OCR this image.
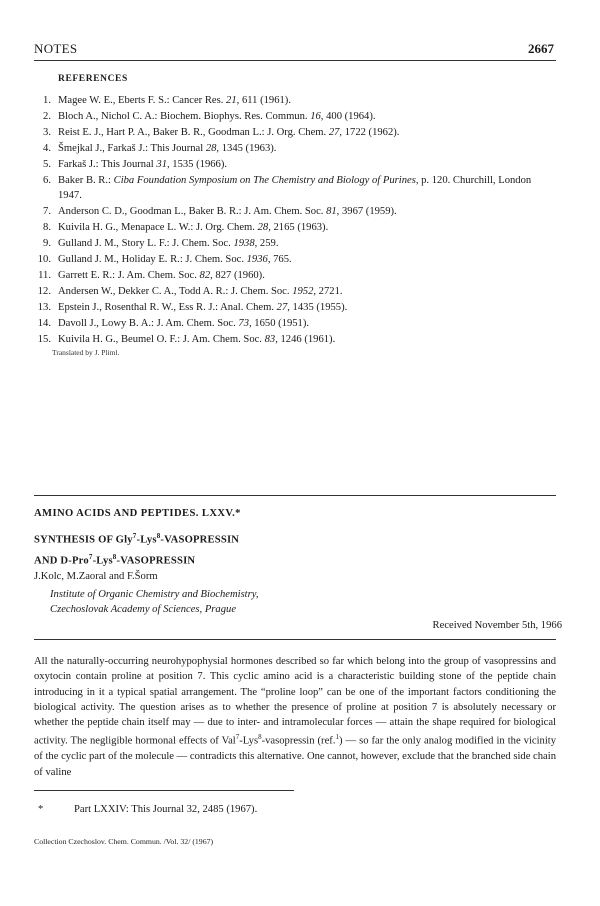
NOTES	2667
REFERENCES
1. Magee W. E., Eberts F. S.: Cancer Res. 21, 611 (1961).
2. Bloch A., Nichol C. A.: Biochem. Biophys. Res. Commun. 16, 400 (1964).
3. Reist E. J., Hart P. A., Baker B. R., Goodman L.: J. Org. Chem. 27, 1722 (1962).
4. Šmejkal J., Farkaš J.: This Journal 28, 1345 (1963).
5. Farkaš J.: This Journal 31, 1535 (1966).
6. Baker B. R.: Ciba Foundation Symposium on The Chemistry and Biology of Purines, p. 120. Churchill, London 1947.
7. Anderson C. D., Goodman L., Baker B. R.: J. Am. Chem. Soc. 81, 3967 (1959).
8. Kuivila H. G., Menapace L. W.: J. Org. Chem. 28, 2165 (1963).
9. Gulland J. M., Story L. F.: J. Chem. Soc. 1938, 259.
10. Gulland J. M., Holiday E. R.: J. Chem. Soc. 1936, 765.
11. Garrett E. R.: J. Am. Chem. Soc. 82, 827 (1960).
12. Andersen W., Dekker C. A., Todd A. R.: J. Chem. Soc. 1952, 2721.
13. Epstein J., Rosenthal R. W., Ess R. J.: Anal. Chem. 27, 1435 (1955).
14. Davoll J., Lowy B. A.: J. Am. Chem. Soc. 73, 1650 (1951).
15. Kuivila H. G., Beumel O. F.: J. Am. Chem. Soc. 83, 1246 (1961).
Translated by J. Pliml.
AMINO ACIDS AND PEPTIDES. LXXV.*
SYNTHESIS OF Gly$^7$-Lys$^8$-VASOPRESSIN
AND D-Pro$^7$-Lys$^8$-VASOPRESSIN
J.Kolc, M.Zaoral and F.Šorm
Institute of Organic Chemistry and Biochemistry,
Czechoslovak Academy of Sciences, Prague
Received November 5th, 1966

All the naturally-occurring neurohypophysial hormones described so far which belong into the group of vasopressins and oxytocin contain proline at position 7. This cyclic amino acid is a characteristic building stone of the peptide chain introducing in it a typical spatial arrangement. The “proline loop” can be one of the important factors conditioning the biological activity. The question arises as to whether the presence of proline at position 7 is absolutely necessary or whether the peptide chain itself may — due to inter- and intramolecular forces — attain the shape required for biological activity. The negligible hormonal effects of Val$^7$-Lys$^8$-vasopressin (ref.$^1$) — so far the only analog modified in the vicinity of the cyclic part of the molecule — contradicts this alternative. One cannot, however, exclude that the branched side chain of valine

*	Part LXXIV: This Journal 32, 2485 (1967).
Collection Czechoslov. Chem. Commun. /Vol. 32/ (1967)
